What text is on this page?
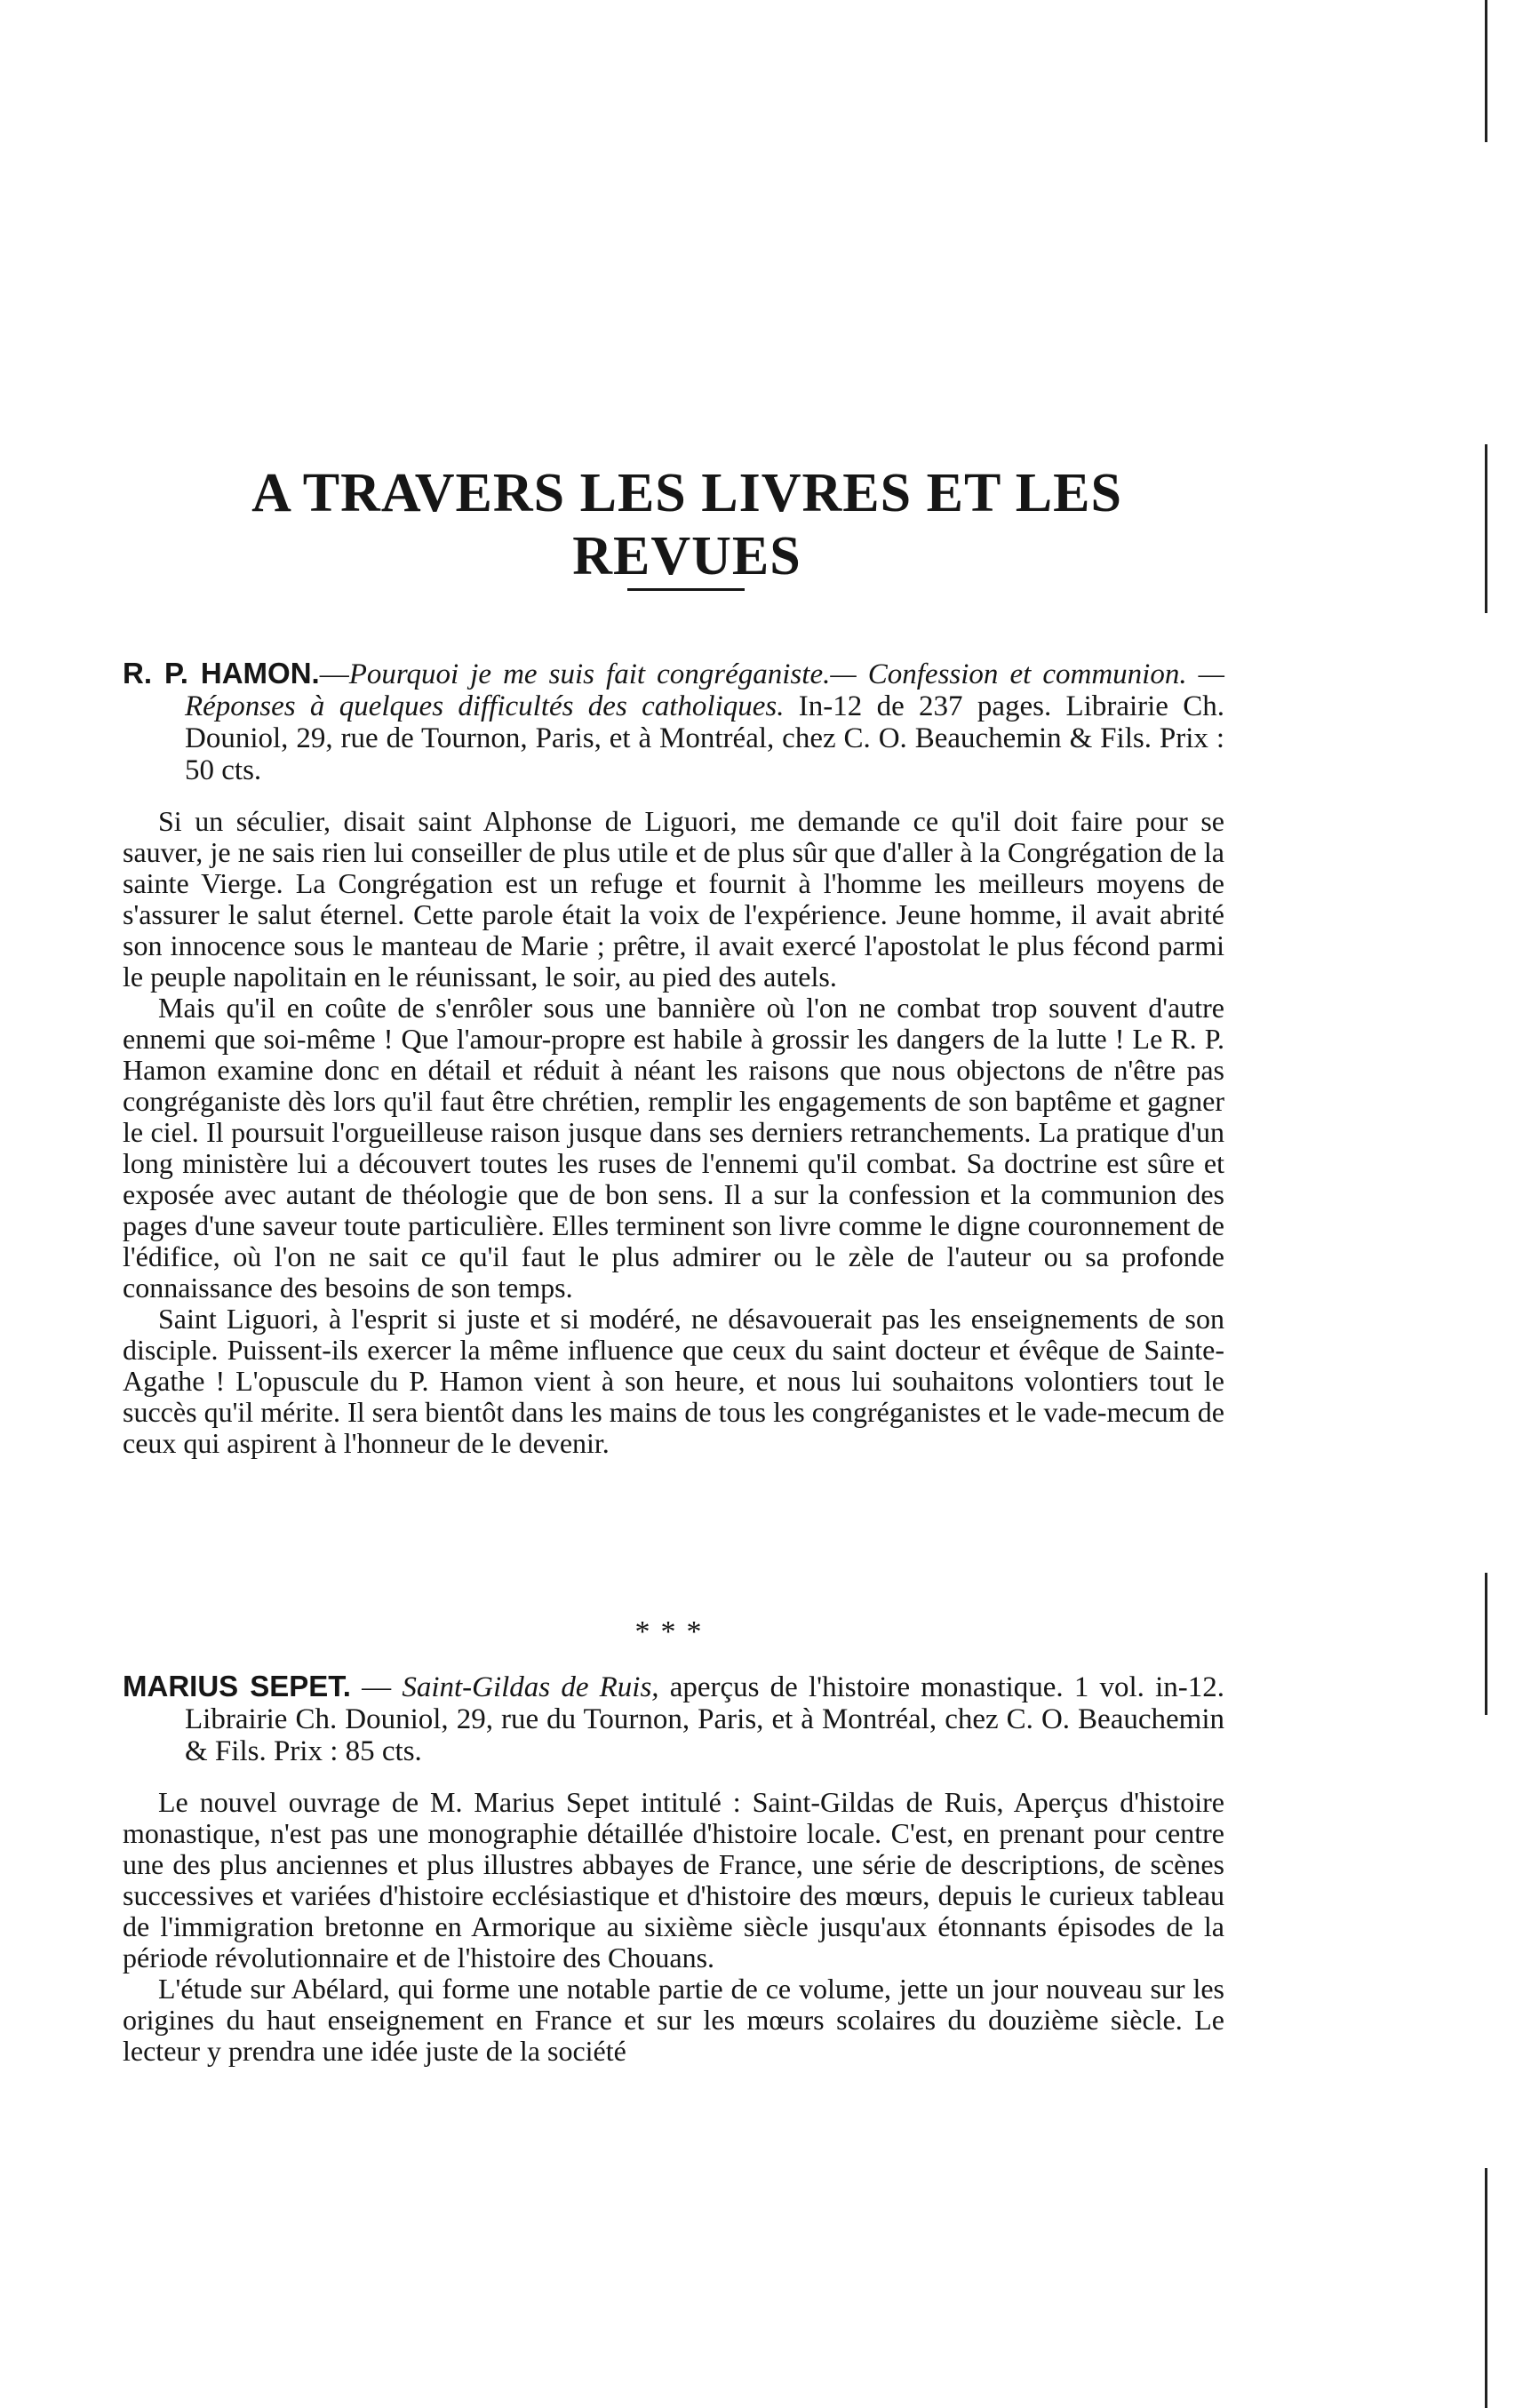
A TRAVERS LES LIVRES ET LES REVUES

R. P. HAMON.—Pourquoi je me suis fait congréganiste.— Confession et communion. — Réponses à quelques difficultés des catholiques. In-12 de 237 pages. Librairie Ch. Douniol, 29, rue de Tournon, Paris, et à Montréal, chez C. O. Beauchemin & Fils. Prix : 50 cts.

Si un séculier, disait saint Alphonse de Liguori, me demande ce qu'il doit faire pour se sauver, je ne sais rien lui conseiller de plus utile et de plus sûr que d'aller à la Congrégation de la sainte Vierge. La Congrégation est un refuge et fournit à l'homme les meilleurs moyens de s'assurer le salut éternel. Cette parole était la voix de l'expérience. Jeune homme, il avait abrité son innocence sous le manteau de Marie ; prêtre, il avait exercé l'apostolat le plus fécond parmi le peuple napolitain en le réunissant, le soir, au pied des autels.

Mais qu'il en coûte de s'enrôler sous une bannière où l'on ne combat trop souvent d'autre ennemi que soi-même ! Que l'amour-propre est habile à grossir les dangers de la lutte ! Le R. P. Hamon examine donc en détail et réduit à néant les raisons que nous objectons de n'être pas congréganiste dès lors qu'il faut être chrétien, remplir les engagements de son baptême et gagner le ciel. Il poursuit l'orgueilleuse raison jusque dans ses derniers retranchements. La pratique d'un long ministère lui a découvert toutes les ruses de l'ennemi qu'il combat. Sa doctrine est sûre et exposée avec autant de théologie que de bon sens. Il a sur la confession et la communion des pages d'une saveur toute particulière. Elles terminent son livre comme le digne couronnement de l'édifice, où l'on ne sait ce qu'il faut le plus admirer ou le zèle de l'auteur ou sa profonde connaissance des besoins de son temps.

Saint Liguori, à l'esprit si juste et si modéré, ne désavouerait pas les enseignements de son disciple. Puissent-ils exercer la même influence que ceux du saint docteur et évêque de Sainte-Agathe ! L'opuscule du P. Hamon vient à son heure, et nous lui souhaitons volontiers tout le succès qu'il mérite. Il sera bientôt dans les mains de tous les congréganistes et le vade-mecum de ceux qui aspirent à l'honneur de le devenir.

***

MARIUS SEPET. — Saint-Gildas de Ruis, aperçus de l'histoire monastique. 1 vol. in-12. Librairie Ch. Douniol, 29, rue du Tournon, Paris, et à Montréal, chez C. O. Beauchemin & Fils. Prix : 85 cts.

Le nouvel ouvrage de M. Marius Sepet intitulé : Saint-Gildas de Ruis, Aperçus d'histoire monastique, n'est pas une monographie détaillée d'histoire locale. C'est, en prenant pour centre une des plus anciennes et plus illustres abbayes de France, une série de descriptions, de scènes successives et variées d'histoire ecclésiastique et d'histoire des mœurs, depuis le curieux tableau de l'immigration bretonne en Armorique au sixième siècle jusqu'aux étonnants épisodes de la période révolutionnaire et de l'histoire des Chouans.

L'étude sur Abélard, qui forme une notable partie de ce volume, jette un jour nouveau sur les origines du haut enseignement en France et sur les mœurs scolaires du douzième siècle. Le lecteur y prendra une idée juste de la société
